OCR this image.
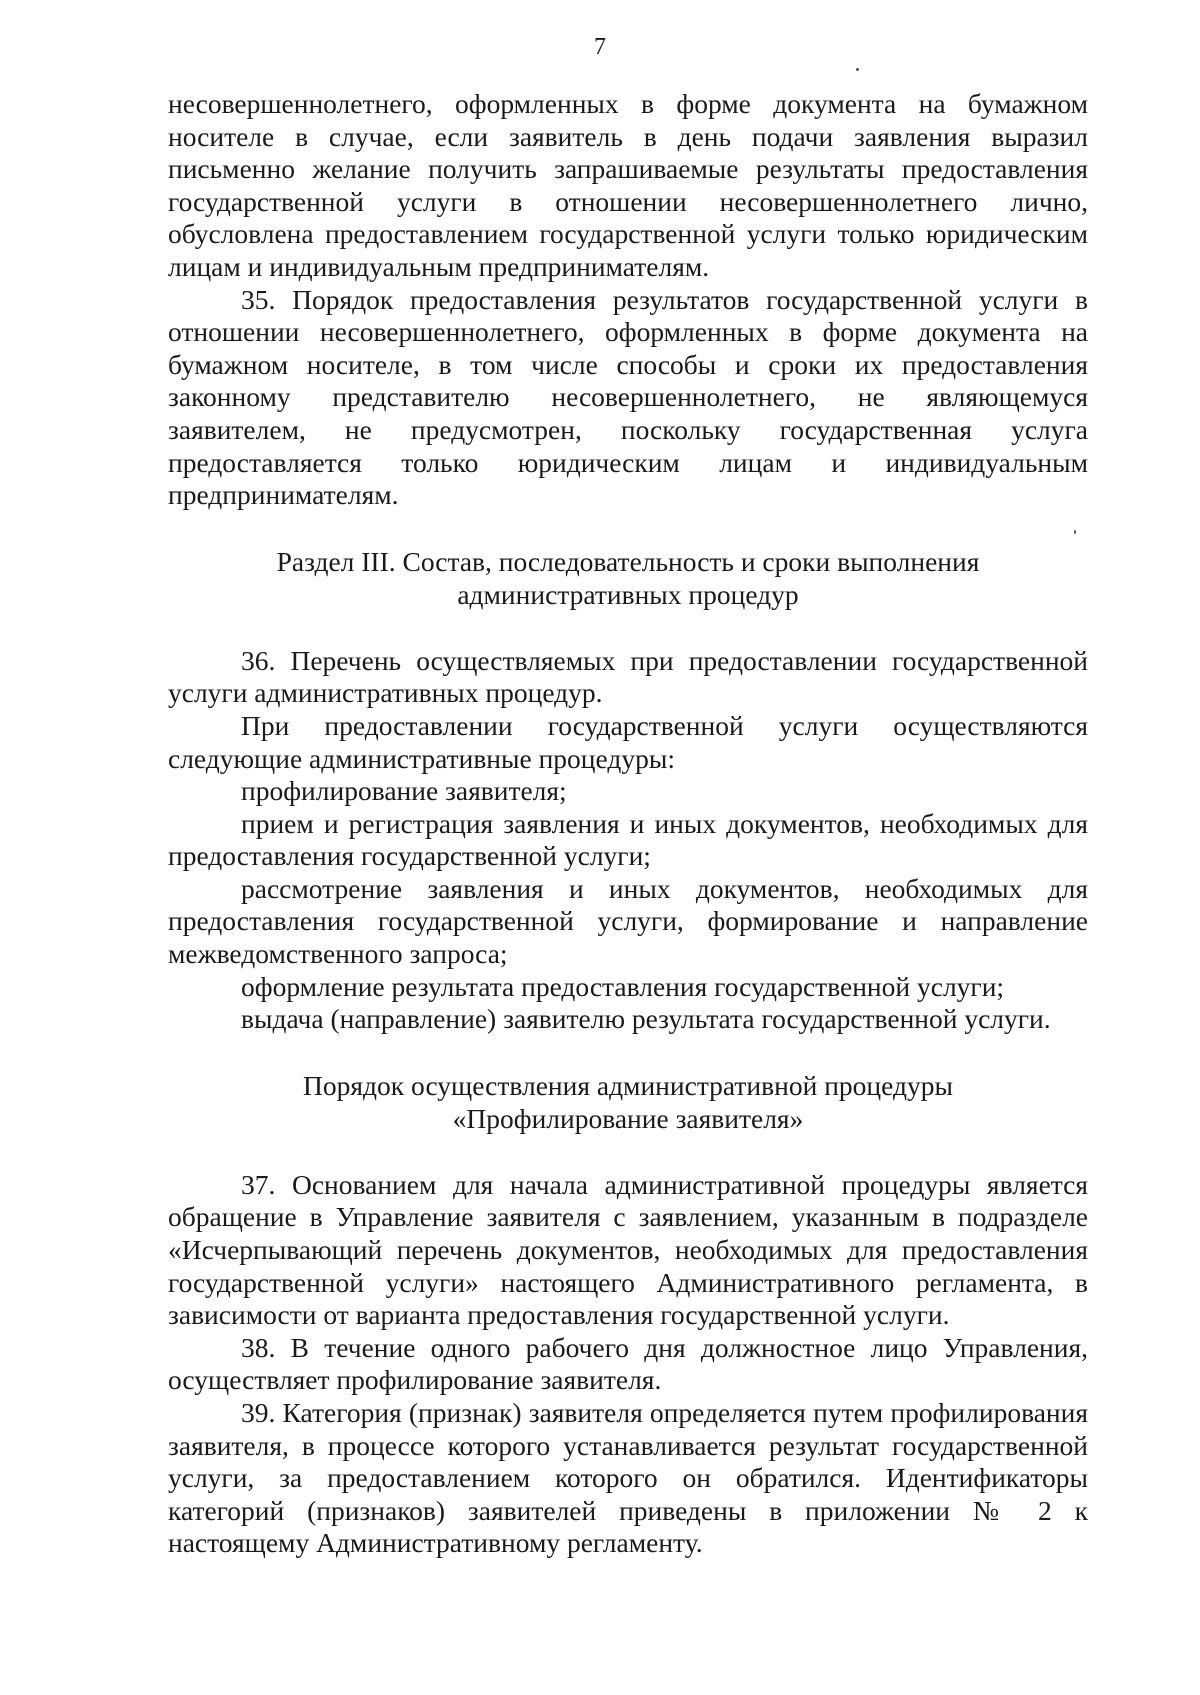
7

несовершеннолетнего, оформленных в форме документа на бумажном носителе в случае, если заявитель в день подачи заявления выразил письменно желание получить запрашиваемые результаты предоставления государственной услуги в отношении несовершеннолетнего лично, обусловлена предоставлением государственной услуги только юридическим лицам и индивидуальным предпринимателям.

35. Порядок предоставления результатов государственной услуги в отношении несовершеннолетнего, оформленных в форме документа на бумажном носителе, в том числе способы и сроки их предоставления законному представителю несовершеннолетнего, не являющемуся заявителем, не предусмотрен, поскольку государственная услуга предоставляется только юридическим лицам и индивидуальным предпринимателям.

Раздел III. Состав, последовательность и сроки выполнения
административных процедур

36. Перечень осуществляемых при предоставлении государственной услуги административных процедур.

При предоставлении государственной услуги осуществляются следующие административные процедуры:

профилирование заявителя;

прием и регистрация заявления и иных документов, необходимых для предоставления государственной услуги;

рассмотрение заявления и иных документов, необходимых для предоставления государственной услуги, формирование и направление межведомственного запроса;

оформление результата предоставления государственной услуги;

выдача (направление) заявителю результата государственной услуги.

Порядок осуществления административной процедуры
«Профилирование заявителя»

37. Основанием для начала административной процедуры является обращение в Управление заявителя с заявлением, указанным в подразделе «Исчерпывающий перечень документов, необходимых для предоставления государственной услуги» настоящего Административного регламента, в зависимости от варианта предоставления государственной услуги.

38. В течение одного рабочего дня должностное лицо Управления, осуществляет профилирование заявителя.

39. Категория (признак) заявителя определяется путем профилирования заявителя, в процессе которого устанавливается результат государственной услуги, за предоставлением которого он обратился. Идентификаторы категорий (признаков) заявителей приведены в приложении № 2 к настоящему Административному регламенту.
